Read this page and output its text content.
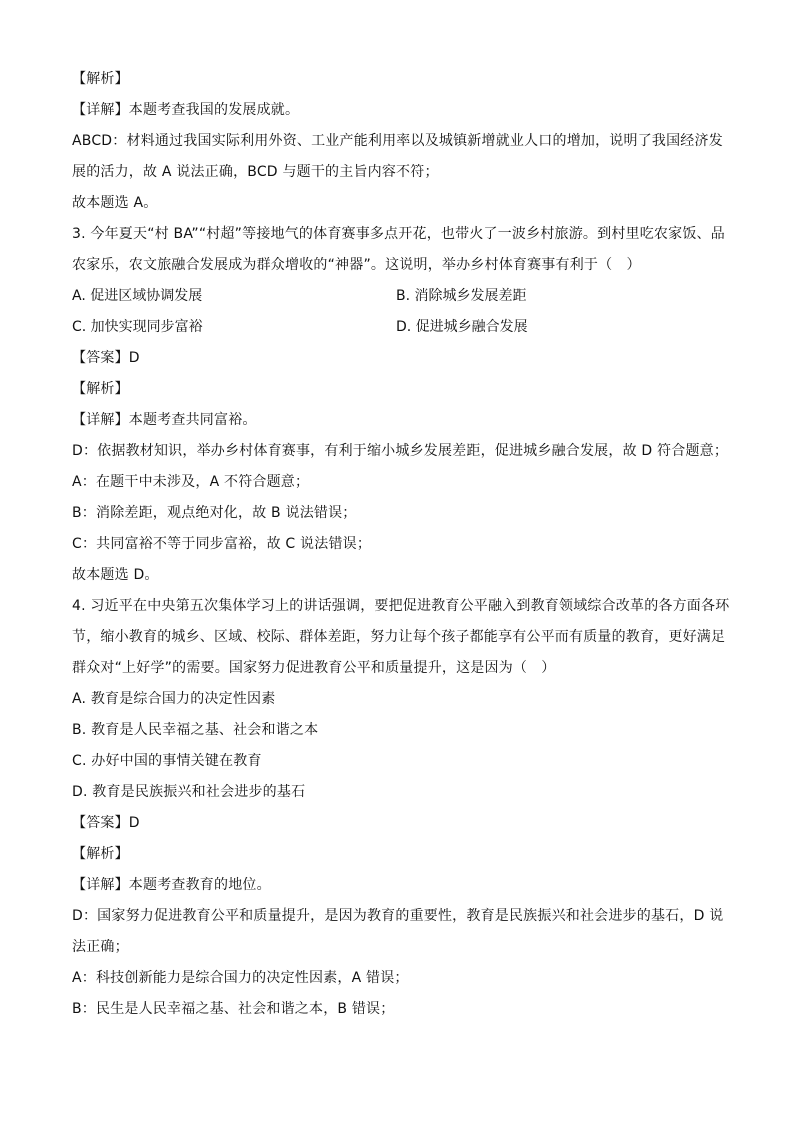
【解析】
【详解】本题考查我国的发展成就。
ABCD：材料通过我国实际利用外资、工业产能利用率以及城镇新增就业人口的增加，说明了我国经济发
展的活力，故 A 说法正确，BCD 与题干的主旨内容不符；
故本题选 A。
3. 今年夏天“村 BA”“村超”等接地气的体育赛事多点开花，也带火了一波乡村旅游。到村里吃农家饭、品
农家乐，农文旅融合发展成为群众增收的“神器”。这说明，举办乡村体育赛事有利于（　）
A. 促进区域协调发展	B. 消除城乡发展差距
C. 加快实现同步富裕	D. 促进城乡融合发展
【答案】D
【解析】
【详解】本题考查共同富裕。
D：依据教材知识，举办乡村体育赛事，有利于缩小城乡发展差距，促进城乡融合发展，故 D 符合题意；
A：在题干中未涉及，A 不符合题意；
B：消除差距，观点绝对化，故 B 说法错误；
C：共同富裕不等于同步富裕，故 C 说法错误；
故本题选 D。
4. 习近平在中央第五次集体学习上的讲话强调，要把促进教育公平融入到教育领域综合改革的各方面各环
节，缩小教育的城乡、区域、校际、群体差距，努力让每个孩子都能享有公平而有质量的教育，更好满足
群众对“上好学”的需要。国家努力促进教育公平和质量提升，这是因为（　）
A. 教育是综合国力的决定性因素
B. 教育是人民幸福之基、社会和谐之本
C. 办好中国的事情关键在教育
D. 教育是民族振兴和社会进步的基石
【答案】D
【解析】
【详解】本题考查教育的地位。
D：国家努力促进教育公平和质量提升，是因为教育的重要性，教育是民族振兴和社会进步的基石，D 说
法正确；
A：科技创新能力是综合国力的决定性因素，A 错误；
B：民生是人民幸福之基、社会和谐之本，B 错误；
